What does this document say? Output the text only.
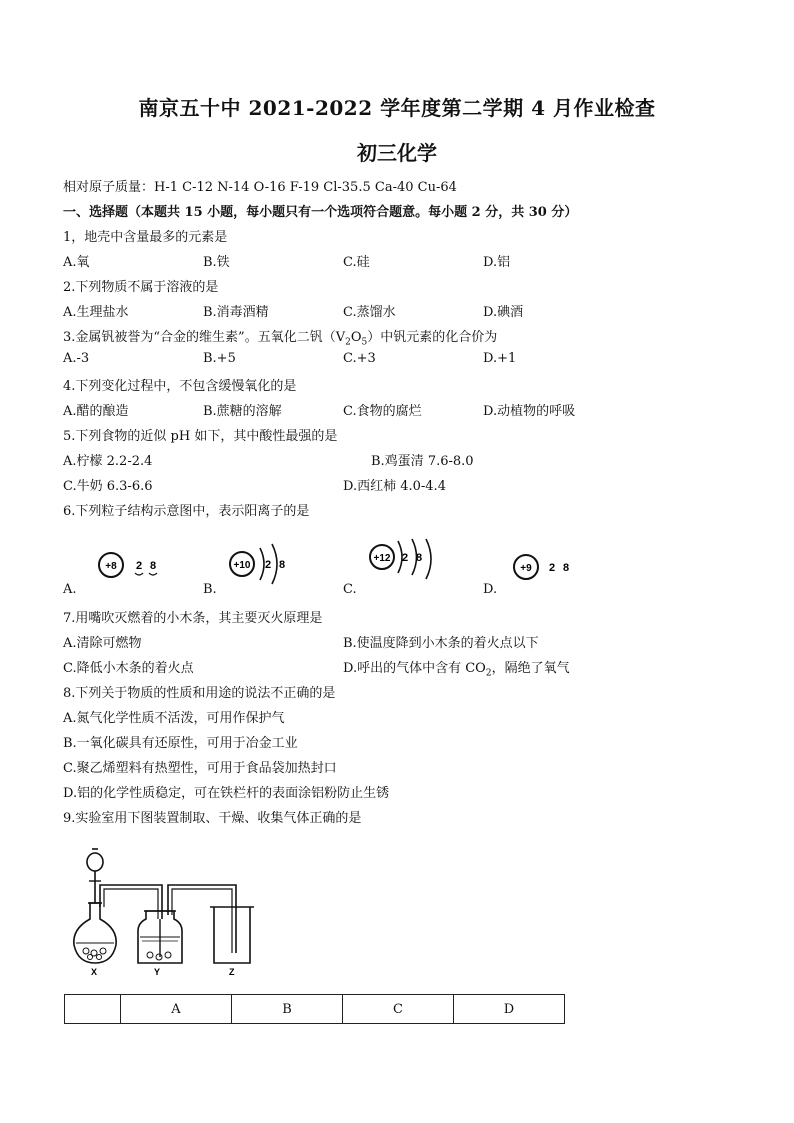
南京五十中 2021-2022 学年度第二学期 4 月作业检查
初三化学
相对原子质量：H-1 C-12 N-14 O-16 F-19 Cl-35.5 Ca-40 Cu-64
一、选择题（本题共 15 小题，每小题只有一个选项符合题意。每小题 2 分，共 30 分）
1，地壳中含量最多的元素是
A.氧	B.铁	C.硅	D.铝
2.下列物质不属于溶液的是
A.生理盐水	B.消毒酒精	C.蒸馏水	D.碘酒
3.金属钒被誉为“合金的维生素”。五氧化二钒$(V_2O_5)$中钒元素的化合价为
A.-3	B.+5	C.+3	D.+1
4.下列变化过程中，不包含缓慢氧化的是
A.醋的酿造	B.蔗糖的溶解	C.食物的腐烂	D.动植物的呼吸
5.下列食物的近似 pH 如下，其中酸性最强的是
A.柠檬 2.2-2.4	B.鸡蛋清 7.6-8.0
C.牛奶 6.3-6.6	D.西红柿 4.0-4.4
6.下列粒子结构示意图中，表示阳离子的是
+8 2 8
A.
+10 2 8
B.
+12 2 8
C.
+9 2 8
D.
7.用嘴吹灭燃着的小木条，其主要灭火原理是
A.清除可燃物	B.使温度降到小木条的着火点以下
C.降低小木条的着火点	D.呼出的气体中含有 $CO_2$，隔绝了氧气
8.下列关于物质的性质和用途的说法不正确的是
A.氮气化学性质不活泼，可用作保护气
B.一氧化碳具有还原性，可用于冶金工业
C.聚乙烯塑料有热塑性，可用于食品袋加热封口
D.铝的化学性质稳定，可在铁栏杆的表面涂铝粉防止生锈
9.实验室用下图装置制取、干燥、收集气体正确的是
X	Y	Z
	A	B	C	D
